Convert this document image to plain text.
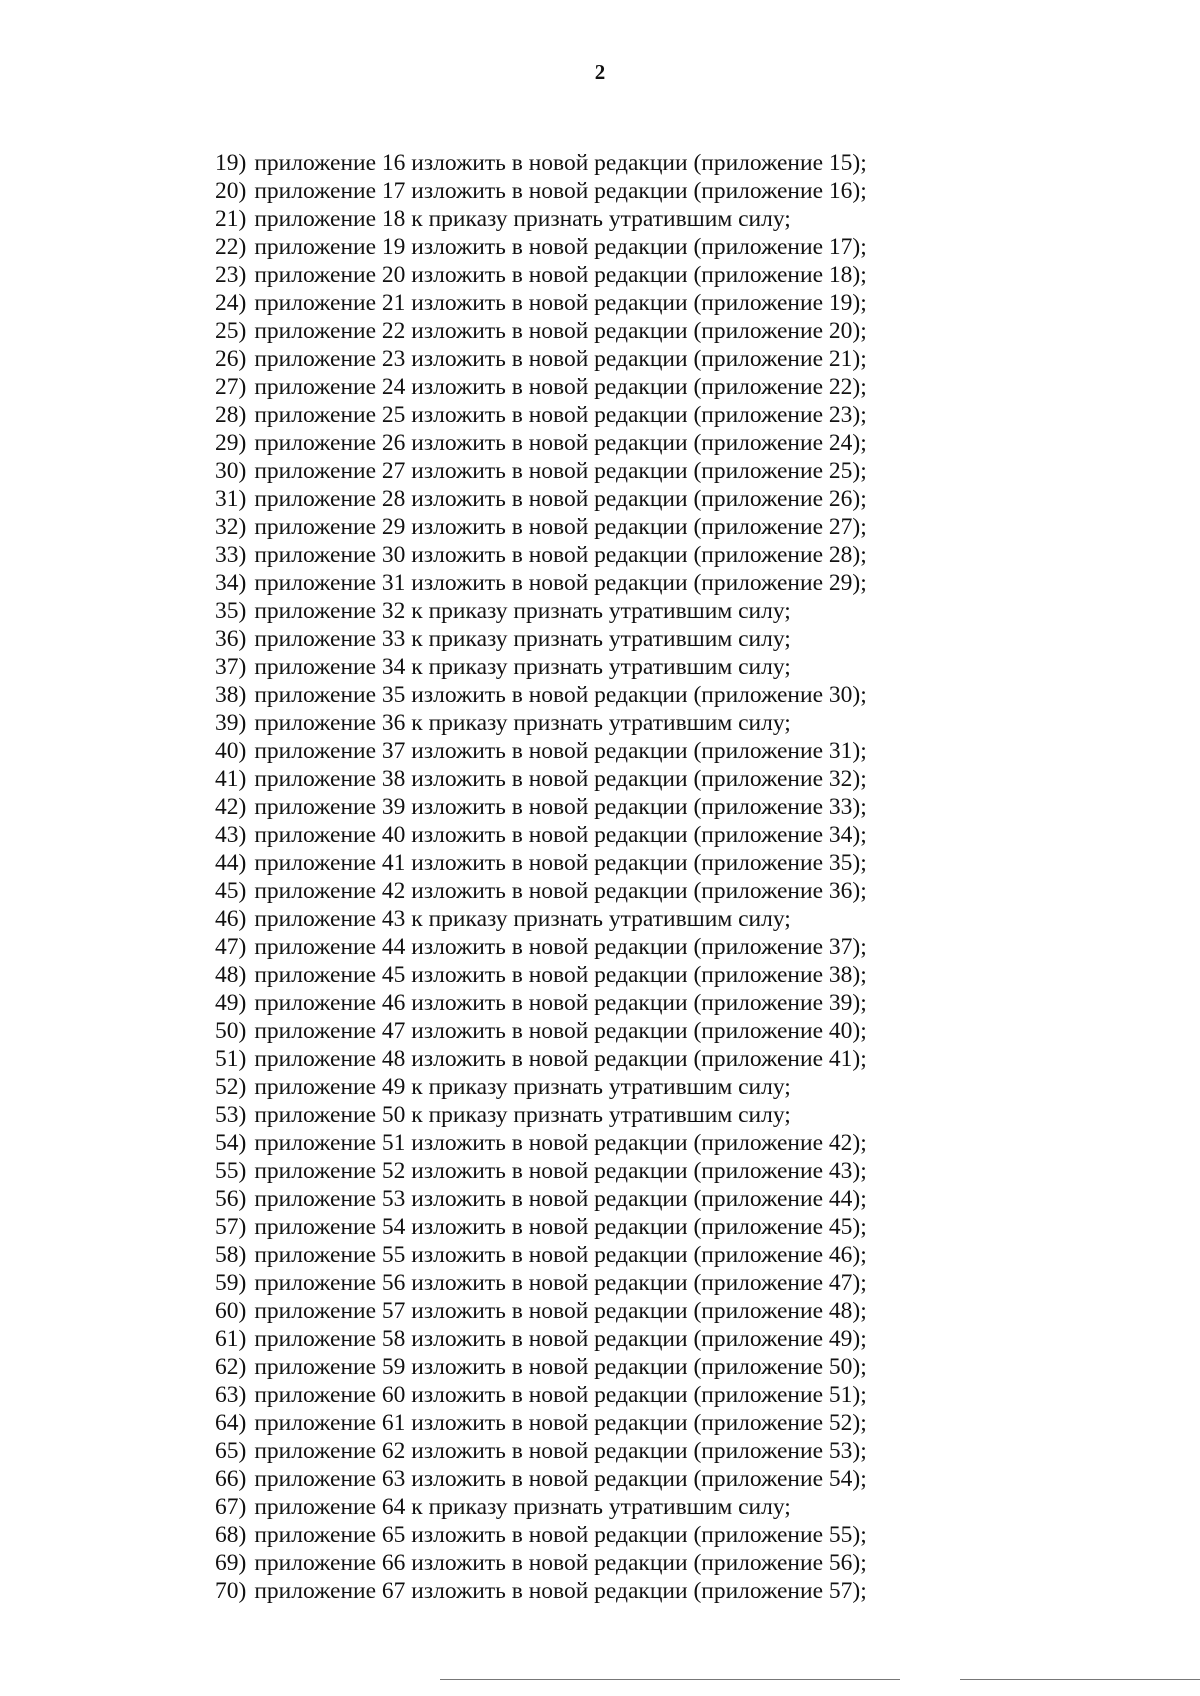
2
19) приложение 16 изложить в новой редакции (приложение 15);
20) приложение 17 изложить в новой редакции (приложение 16);
21) приложение 18 к приказу признать утратившим силу;
22) приложение 19 изложить в новой редакции (приложение 17);
23) приложение 20 изложить в новой редакции (приложение 18);
24) приложение 21 изложить в новой редакции (приложение 19);
25) приложение 22 изложить в новой редакции (приложение 20);
26) приложение 23 изложить в новой редакции (приложение 21);
27) приложение 24 изложить в новой редакции (приложение 22);
28) приложение 25 изложить в новой редакции (приложение 23);
29) приложение 26 изложить в новой редакции (приложение 24);
30) приложение 27 изложить в новой редакции (приложение 25);
31) приложение 28 изложить в новой редакции (приложение 26);
32) приложение 29 изложить в новой редакции (приложение 27);
33) приложение 30 изложить в новой редакции (приложение 28);
34) приложение 31 изложить в новой редакции (приложение 29);
35) приложение 32 к приказу признать утратившим силу;
36) приложение 33 к приказу признать утратившим силу;
37) приложение 34 к приказу признать утратившим силу;
38) приложение 35 изложить в новой редакции (приложение 30);
39) приложение 36 к приказу признать утратившим силу;
40) приложение 37 изложить в новой редакции (приложение 31);
41) приложение 38 изложить в новой редакции (приложение 32);
42) приложение 39 изложить в новой редакции (приложение 33);
43) приложение 40 изложить в новой редакции (приложение 34);
44) приложение 41 изложить в новой редакции (приложение 35);
45) приложение 42 изложить в новой редакции (приложение 36);
46) приложение 43 к приказу признать утратившим силу;
47) приложение 44 изложить в новой редакции (приложение 37);
48) приложение 45 изложить в новой редакции (приложение 38);
49) приложение 46 изложить в новой редакции (приложение 39);
50) приложение 47 изложить в новой редакции (приложение 40);
51) приложение 48 изложить в новой редакции (приложение 41);
52) приложение 49 к приказу признать утратившим силу;
53) приложение 50 к приказу признать утратившим силу;
54) приложение 51 изложить в новой редакции (приложение 42);
55) приложение 52 изложить в новой редакции (приложение 43);
56) приложение 53 изложить в новой редакции (приложение 44);
57) приложение 54 изложить в новой редакции (приложение 45);
58) приложение 55 изложить в новой редакции (приложение 46);
59) приложение 56 изложить в новой редакции (приложение 47);
60) приложение 57 изложить в новой редакции (приложение 48);
61) приложение 58 изложить в новой редакции (приложение 49);
62) приложение 59 изложить в новой редакции (приложение 50);
63) приложение 60 изложить в новой редакции (приложение 51);
64) приложение 61 изложить в новой редакции (приложение 52);
65) приложение 62 изложить в новой редакции (приложение 53);
66) приложение 63 изложить в новой редакции (приложение 54);
67) приложение 64 к приказу признать утратившим силу;
68) приложение 65 изложить в новой редакции (приложение 55);
69) приложение 66 изложить в новой редакции (приложение 56);
70) приложение 67 изложить в новой редакции (приложение 57);
